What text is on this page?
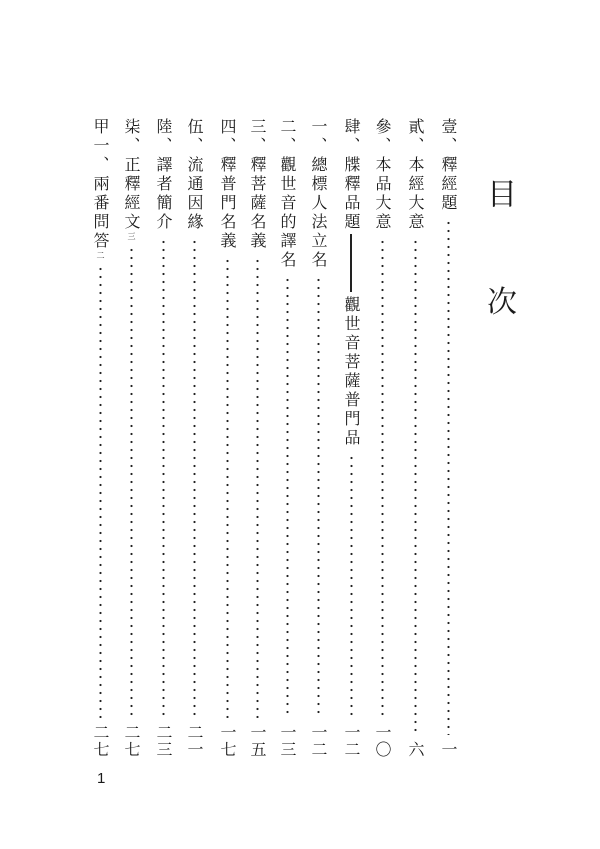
目 次
壹、釋經題
一
貳、本經大意
六
參、本品大意
一〇
肆、牒釋品題
觀世音菩薩普門品
一二
一、總標人法立名
一二
二、觀世音的譯名
一三
三、釋菩薩名義
一五
四、釋普門名義
一七
伍、流通因緣
二一
陸、譯者簡介
二三
柒、正釋經文
三
二七
甲一、兩番問答
二
二七
1
